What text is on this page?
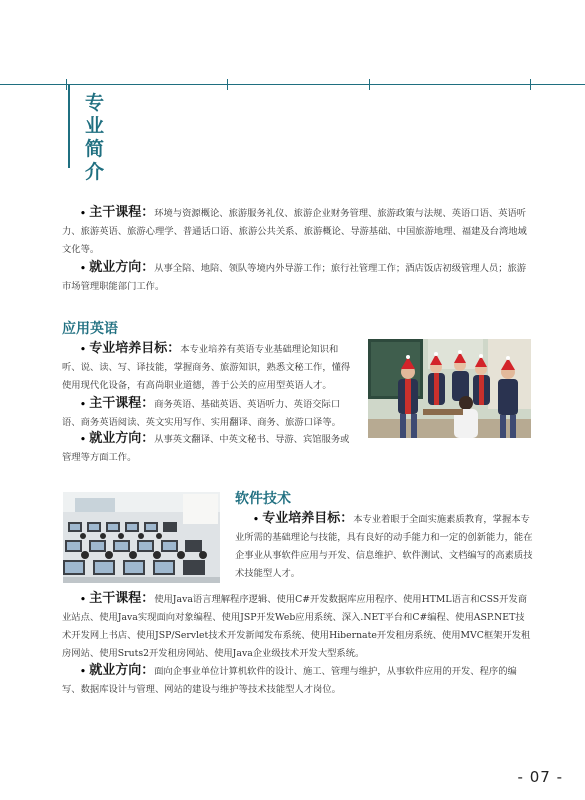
专业简介
• 主干课程：环境与资源概论、旅游服务礼仪、旅游企业财务管理、旅游政策与法规、英语口语、英语听力、旅游英语、旅游心理学、普通话口语、旅游公共关系、旅游概论、导游基础、中国旅游地理、福建及台湾地域文化等。
• 就业方向：从事全陪、地陪、领队等境内外导游工作；旅行社管理工作；酒店饭店初级管理人员；旅游市场管理职能部门工作。
应用英语
• 专业培养目标：本专业培养有英语专业基础理论知识和听、说、读、写、译技能，掌握商务、旅游知识，熟悉文秘工作，懂得使用现代化设备，有高尚职业道德，善于公关的应用型英语人才。
• 主干课程：商务英语、基础英语、英语听力、英语交际口语、商务英语阅读、英文实用写作、实用翻译、商务、旅游口译等。
• 就业方向：从事英文翻译、中英文秘书、导游、宾馆服务或管理等方面工作。
软件技术
• 专业培养目标：本专业着眼于全面实施素质教育，掌握本专业所需的基础理论与技能，具有良好的动手能力和一定的创新能力，能在企事业从事软件应用与开发、信息维护、软件测试、文档编写的高素质技术技能型人才。
• 主干课程：使用Java语言理解程序逻辑、使用C#开发数据库应用程序、使用HTML语言和CSS开发商业站点、使用Java实现面向对象编程、使用JSP开发Web应用系统、深入.NET平台和C#编程、使用ASP.NET技术开发网上书店、使用JSP/Servlet技术开发新闻发布系统、使用Hibernate开发租房系统、使用MVC框架开发租房网站、使用Sruts2开发租房网站、使用Java企业级技术开发大型系统。
• 就业方向：面向企事业单位计算机软件的设计、施工、管理与维护，从事软件应用的开发、程序的编写、数据库设计与管理、网站的建设与维护等技术技能型人才岗位。
- 07 -
